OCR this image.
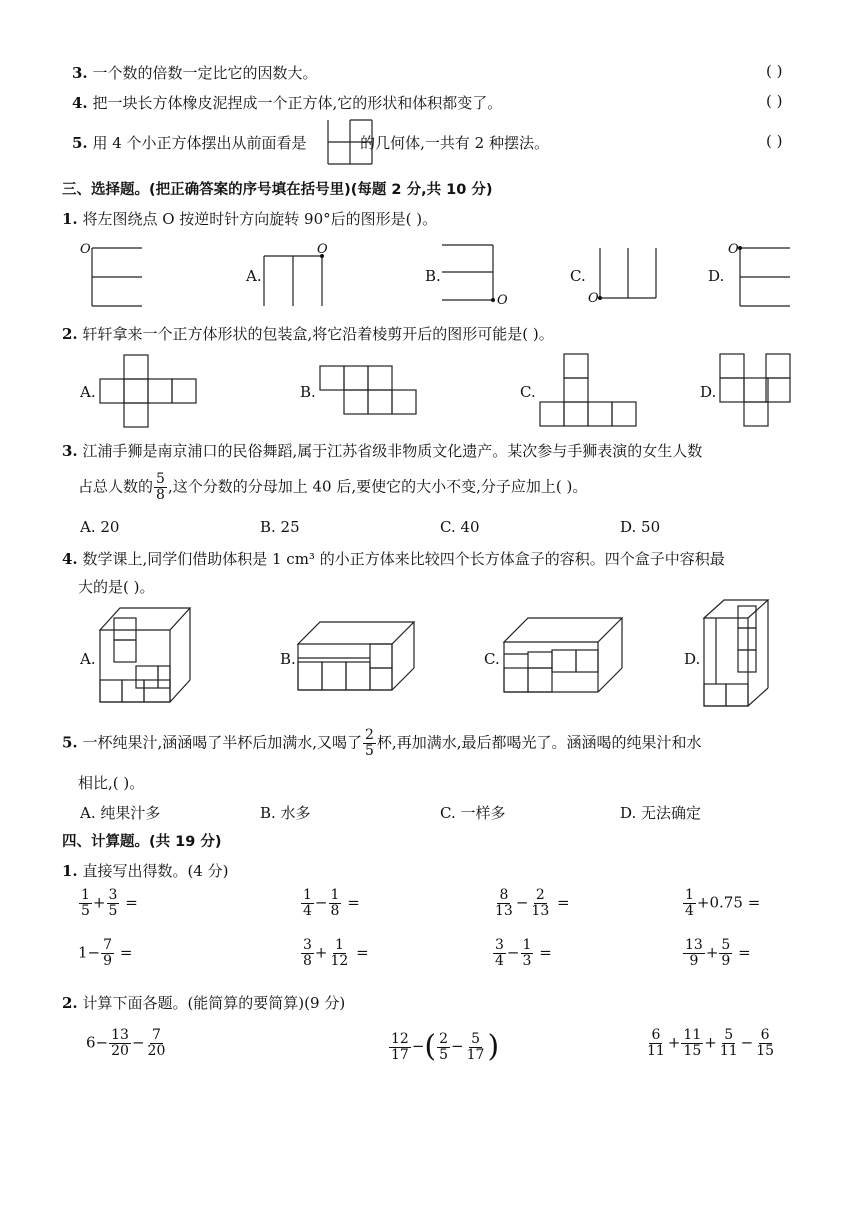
3. 一个数的倍数一定比它的因数大。	( )
4. 把一块长方体橡皮泥捏成一个正方体,它的形状和体积都变了。	( )
5. 用 4 个小正方体摆出从前面看是	的几何体,一共有 2 种摆法。	( )
三、选择题。(把正确答案的序号填在括号里)(每题 2 分,共 10 分)
1. 将左图绕点 O 按逆时针方向旋转 90°后的图形是( )。
O
A.
O
B.
O
C.
O
D.
O
2. 轩轩拿来一个正方体形状的包装盒,将它沿着棱剪开后的图形可能是( )。
A.	B.	C.	D.
3. 江浦手狮是南京浦口的民俗舞蹈,属于江苏省级非物质文化遗产。某次参与手狮表演的女生人数
占总人数的 $\frac{5}{8}$ ,这个分数的分母加上 40 后,要使它的大小不变,分子应加上( )。
A. 20	B. 25	C. 40	D. 50
4. 数学课上,同学们借助体积是 1 cm³ 的小正方体来比较四个长方体盒子的容积。四个盒子中容积最
大的是( )。
A.	B.	C.	D.
5. 一杯纯果汁,涵涵喝了半杯后加满水,又喝了 $\frac{2}{5}$ 杯,再加满水,最后都喝光了。涵涵喝的纯果汁和水
相比,( )。
A. 纯果汁多	B. 水多	C. 一样多	D. 无法确定
四、计算题。(共 19 分)
1. 直接写出得数。(4 分)
$\frac{1}{5} + \frac{3}{5}$ =	$\frac{1}{4} - \frac{1}{8}$ =	$\frac{8}{13} - \frac{2}{13}$ =	$\frac{1}{4} +0.75$ =
$1- \frac{7}{9}$ =	$\frac{3}{8} + \frac{1}{12}$ =	$\frac{3}{4} - \frac{1}{3}$ =	$\frac{13}{9} + \frac{5}{9}$ =
2. 计算下面各题。(能简算的要简算)(9 分)
$6- \frac{13}{20} - \frac{7}{20}$	$\frac{12}{17}$ −( $\frac{2}{5} - \frac{5}{17}$ )	$\frac{6}{11} + \frac{11}{15} + \frac{5}{11} - \frac{6}{15}$
